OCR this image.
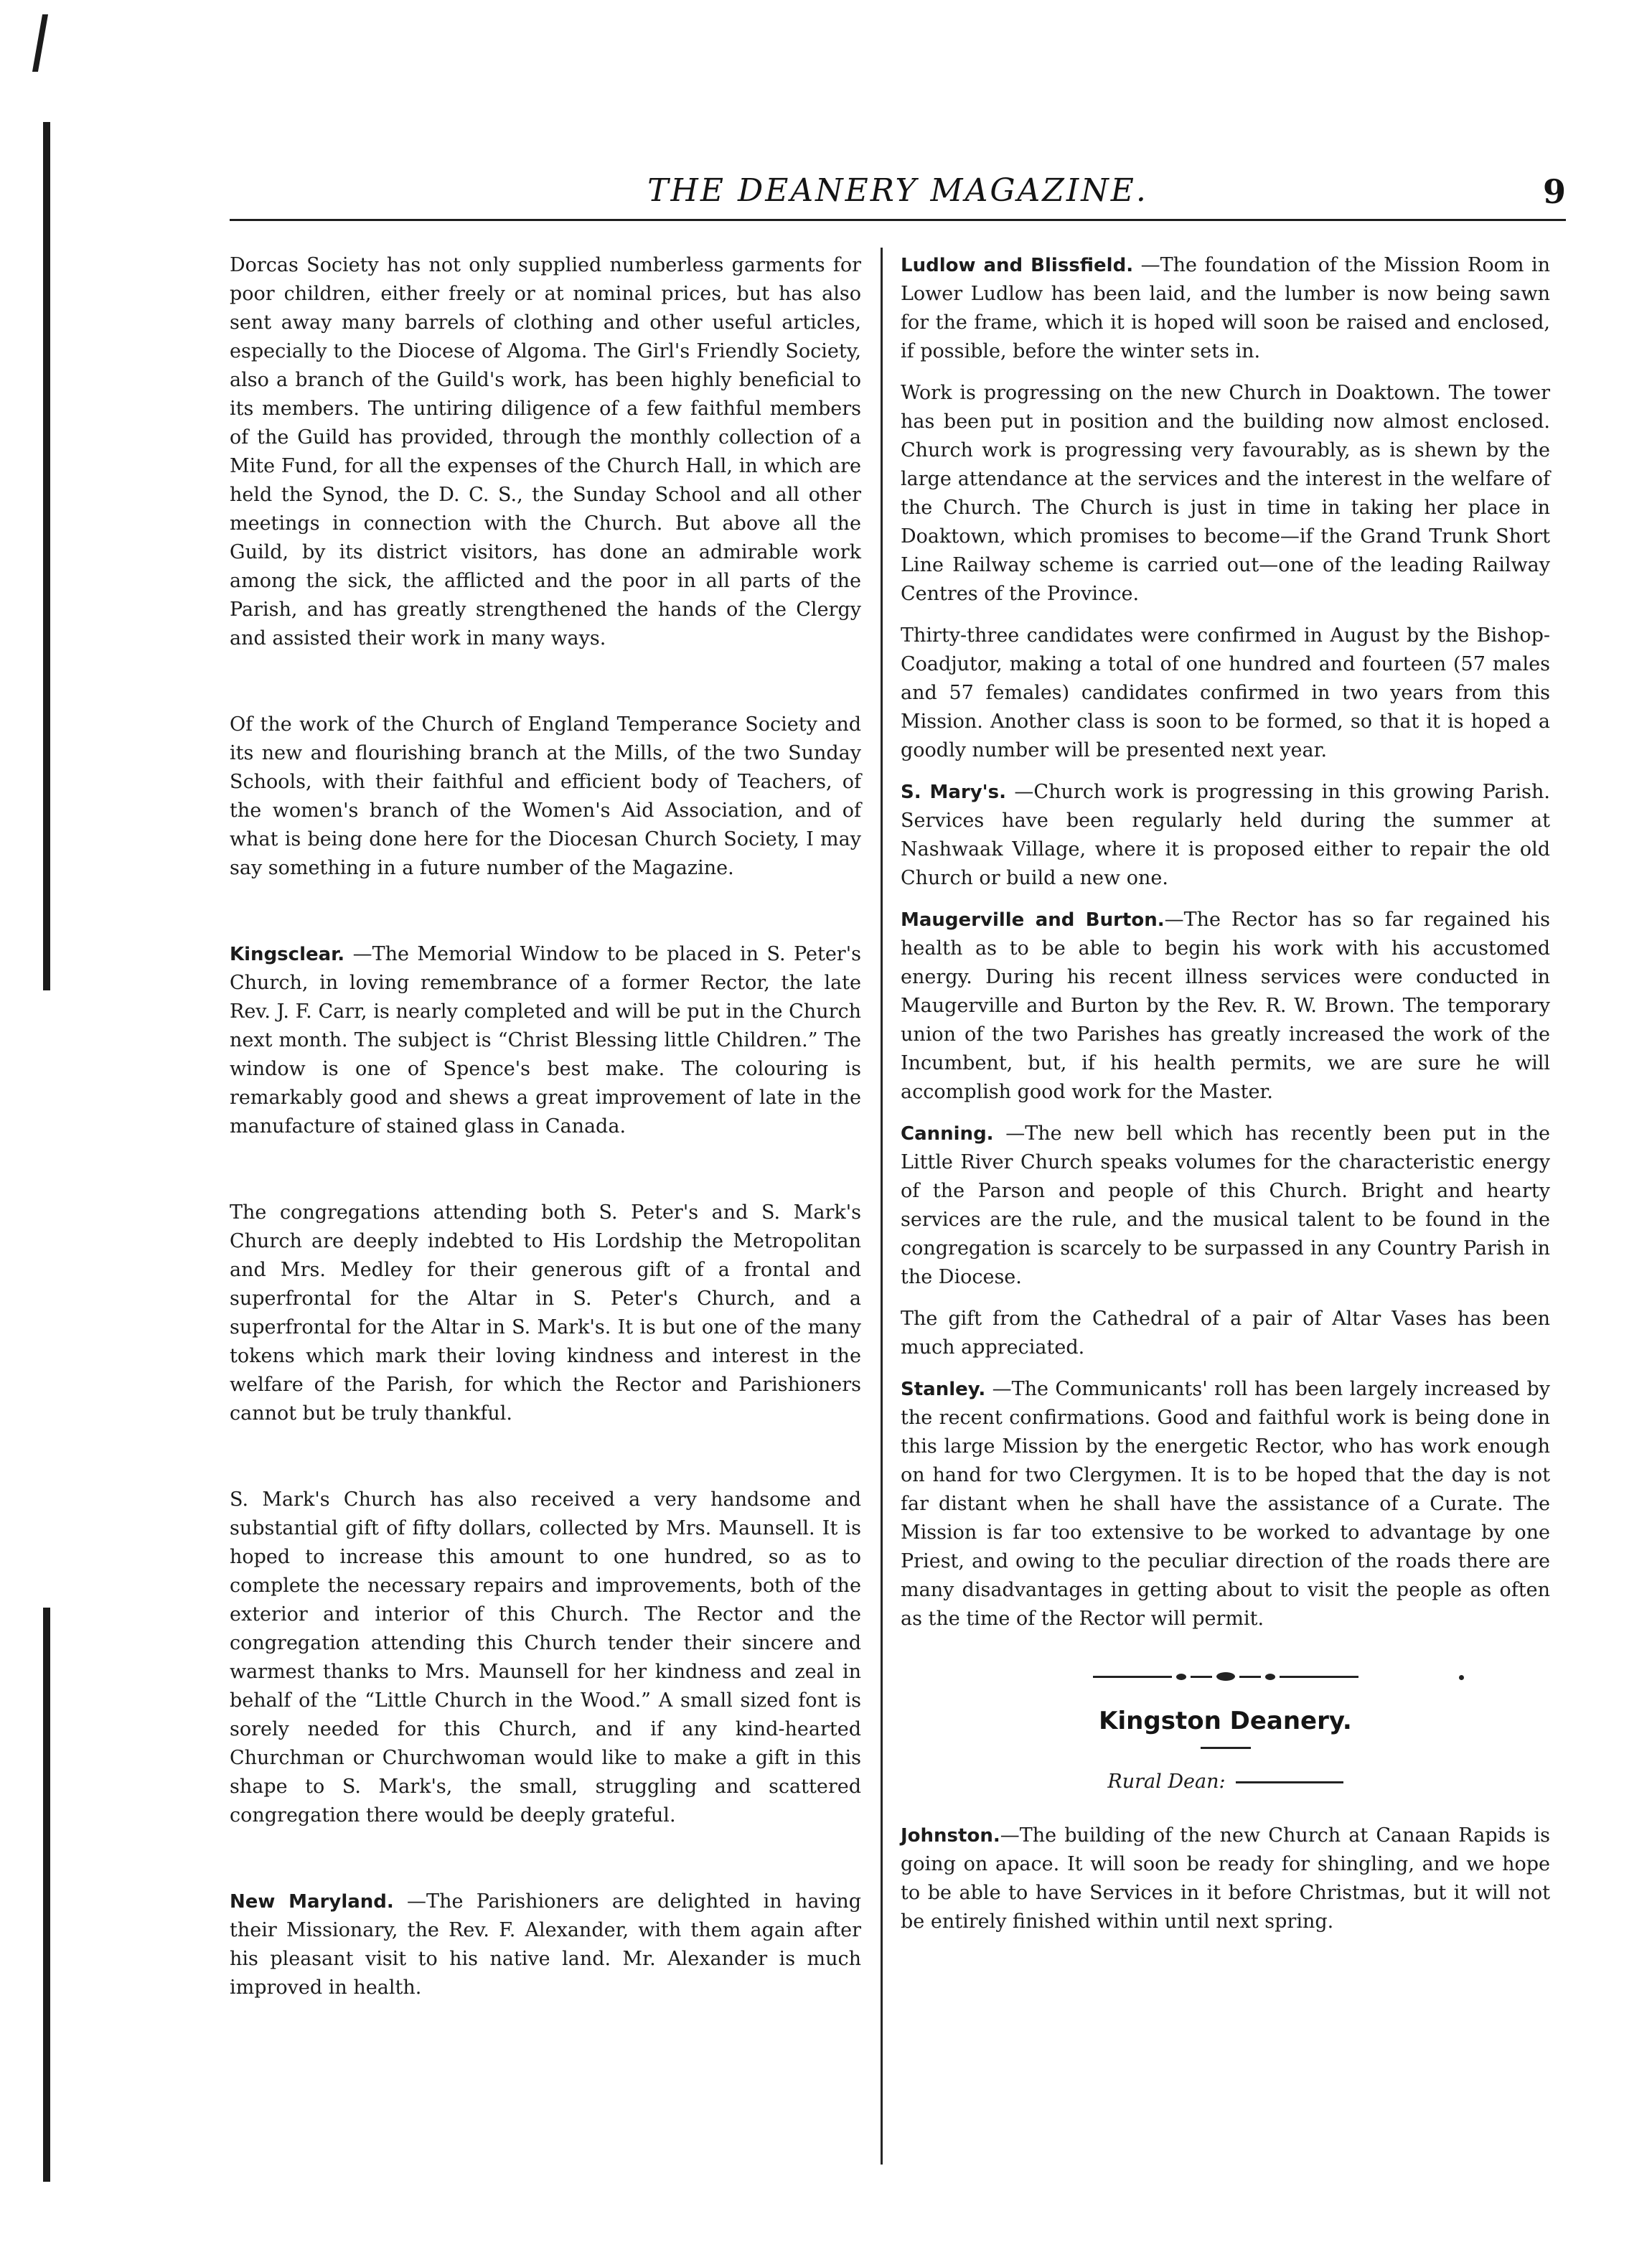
THE DEANERY MAGAZINE.	9

Dorcas Society has not only supplied numberless garments for poor children, either freely or at nominal prices, but has also sent away many barrels of clothing and other useful articles, especially to the Diocese of Algoma. The Girl's Friendly Society, also a branch of the Guild's work, has been highly beneficial to its members. The untiring diligence of a few faithful members of the Guild has provided, through the monthly collection of a Mite Fund, for all the expenses of the Church Hall, in which are held the Synod, the D. C. S., the Sunday School and all other meetings in connection with the Church. But above all the Guild, by its district visitors, has done an admirable work among the sick, the afflicted and the poor in all parts of the Parish, and has greatly strengthened the hands of the Clergy and assisted their work in many ways.

Of the work of the Church of England Temperance Society and its new and flourishing branch at the Mills, of the two Sunday Schools, with their faithful and efficient body of Teachers, of the women's branch of the Women's Aid Association, and of what is being done here for the Diocesan Church Society, I may say something in a future number of the Magazine.

Kingsclear. —The Memorial Window to be placed in S. Peter's Church, in loving remembrance of a former Rector, the late Rev. J. F. Carr, is nearly completed and will be put in the Church next month. The subject is “Christ Blessing little Children.” The window is one of Spence's best make. The colouring is remarkably good and shews a great improvement of late in the manufacture of stained glass in Canada.

The congregations attending both S. Peter's and S. Mark's Church are deeply indebted to His Lordship the Metropolitan and Mrs. Medley for their generous gift of a frontal and superfrontal for the Altar in S. Peter's Church, and a superfrontal for the Altar in S. Mark's. It is but one of the many tokens which mark their loving kindness and interest in the welfare of the Parish, for which the Rector and Parishioners cannot but be truly thankful.

S. Mark's Church has also received a very handsome and substantial gift of fifty dollars, collected by Mrs. Maunsell. It is hoped to increase this amount to one hundred, so as to complete the necessary repairs and improvements, both of the exterior and interior of this Church. The Rector and the congregation attending this Church tender their sincere and warmest thanks to Mrs. Maunsell for her kindness and zeal in behalf of the “Little Church in the Wood.” A small sized font is sorely needed for this Church, and if any kind-hearted Churchman or Churchwoman would like to make a gift in this shape to S. Mark's, the small, struggling and scattered congregation there would be deeply grateful.

New Maryland. —The Parishioners are delighted in having their Missionary, the Rev. F. Alexander, with them again after his pleasant visit to his native land. Mr. Alexander is much improved in health.

Ludlow and Blissfield. —The foundation of the Mission Room in Lower Ludlow has been laid, and the lumber is now being sawn for the frame, which it is hoped will soon be raised and enclosed, if possible, before the winter sets in.

Work is progressing on the new Church in Doaktown. The tower has been put in position and the building now almost enclosed. Church work is progressing very favourably, as is shewn by the large attendance at the services and the interest in the welfare of the Church. The Church is just in time in taking her place in Doaktown, which promises to become—if the Grand Trunk Short Line Railway scheme is carried out—one of the leading Railway Centres of the Province.

Thirty-three candidates were confirmed in August by the Bishop-Coadjutor, making a total of one hundred and fourteen (57 males and 57 females) candidates confirmed in two years from this Mission. Another class is soon to be formed, so that it is hoped a goodly number will be presented next year.

S. Mary's. —Church work is progressing in this growing Parish. Services have been regularly held during the summer at Nashwaak Village, where it is proposed either to repair the old Church or build a new one.

Maugerville and Burton.—The Rector has so far regained his health as to be able to begin his work with his accustomed energy. During his recent illness services were conducted in Maugerville and Burton by the Rev. R. W. Brown. The temporary union of the two Parishes has greatly increased the work of the Incumbent, but, if his health permits, we are sure he will accomplish good work for the Master.

Canning. —The new bell which has recently been put in the Little River Church speaks volumes for the characteristic energy of the Parson and people of this Church. Bright and hearty services are the rule, and the musical talent to be found in the congregation is scarcely to be surpassed in any Country Parish in the Diocese.

The gift from the Cathedral of a pair of Altar Vases has been much appreciated.

Stanley. —The Communicants' roll has been largely increased by the recent confirmations. Good and faithful work is being done in this large Mission by the energetic Rector, who has work enough on hand for two Clergymen. It is to be hoped that the day is not far distant when he shall have the assistance of a Curate. The Mission is far too extensive to be worked to advantage by one Priest, and owing to the peculiar direction of the roads there are many disadvantages in getting about to visit the people as often as the time of the Rector will permit.

Kingston Deanery.
Rural Dean:

Johnston.—The building of the new Church at Canaan Rapids is going on apace. It will soon be ready for shingling, and we hope to be able to have Services in it before Christmas, but it will not be entirely finished within until next spring.
